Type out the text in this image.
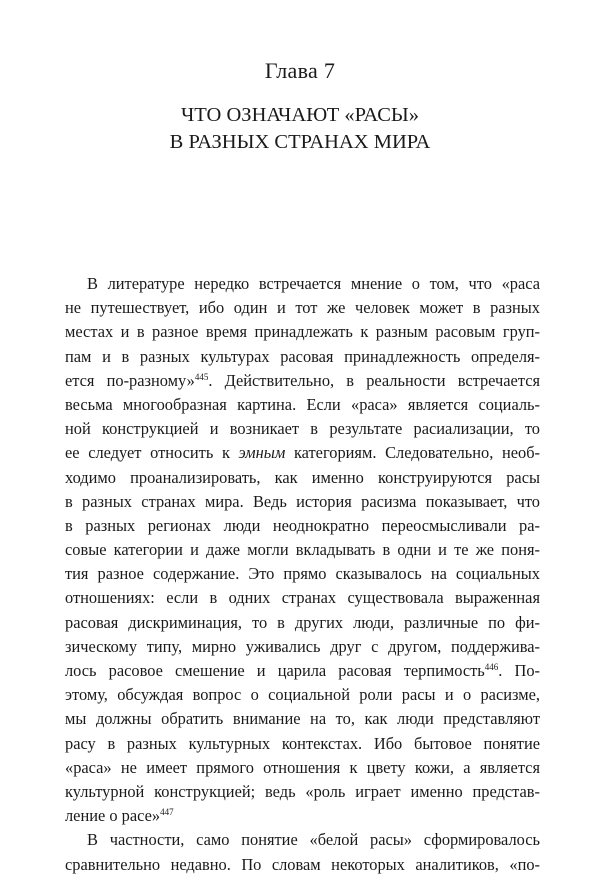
Глава 7
ЧТО ОЗНАЧАЮТ «РАСЫ»
В РАЗНЫХ СТРАНАХ МИРА
В литературе нередко встречается мнение о том, что «раса
не путешествует, ибо один и тот же человек может в разных
местах и в разное время принадлежать к разным расовым груп-
пам и в разных культурах расовая принадлежность определя-
ется по-разному»$^{445}$. Действительно, в реальности встречается
весьма многообразная картина. Если «раса» является социаль-
ной конструкцией и возникает в результате расиализации, то
ее следует относить к эмным категориям. Следовательно, необ-
ходимо проанализировать, как именно конструируются расы
в разных странах мира. Ведь история расизма показывает, что
в разных регионах люди неоднократно переосмысливали ра-
совые категории и даже могли вкладывать в одни и те же поня-
тия разное содержание. Это прямо сказывалось на социальных
отношениях: если в одних странах существовала выраженная
расовая дискриминация, то в других люди, различные по фи-
зическому типу, мирно уживались друг с другом, поддержива-
лось расовое смешение и царила расовая терпимость$^{446}$. По-
этому, обсуждая вопрос о социальной роли расы и о расизме,
мы должны обратить внимание на то, как люди представляют
расу в разных культурных контекстах. Ибо бытовое понятие
«раса» не имеет прямого отношения к цвету кожи, а является
культурной конструкцией; ведь «роль играет именно представ-
ление о расе»$^{447}$
В частности, само понятие «белой расы» сформировалось
сравнительно недавно. По словам некоторых аналитиков, «по-
